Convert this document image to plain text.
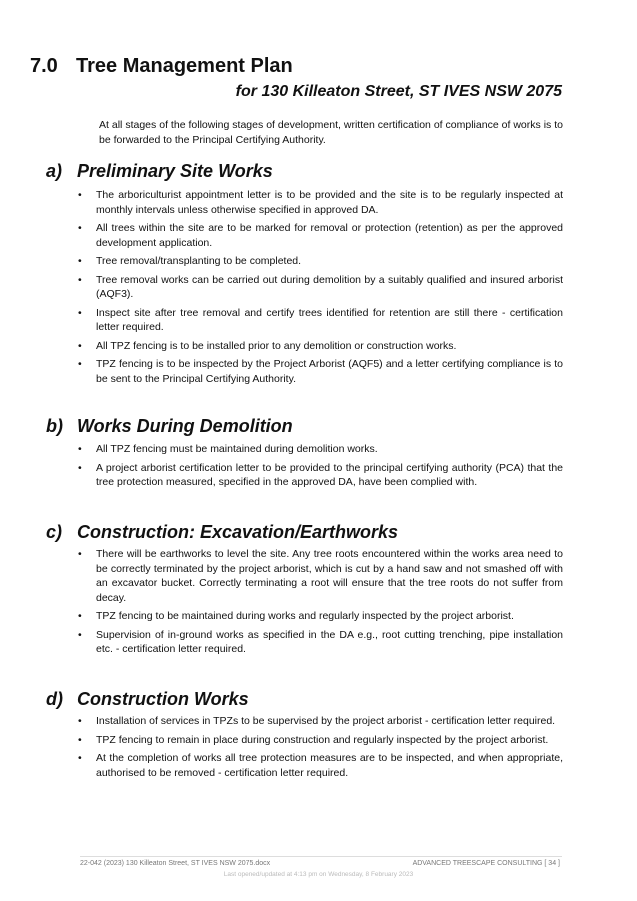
7.0 Tree Management Plan
for 130 Killeaton Street, ST IVES NSW 2075
At all stages of the following stages of development, written certification of compliance of works is to be forwarded to the Principal Certifying Authority.
a) Preliminary Site Works
• The arboriculturist appointment letter is to be provided and the site is to be regularly inspected at monthly intervals unless otherwise specified in approved DA.
• All trees within the site are to be marked for removal or protection (retention) as per the approved development application.
• Tree removal/transplanting to be completed.
• Tree removal works can be carried out during demolition by a suitably qualified and insured arborist (AQF3).
• Inspect site after tree removal and certify trees identified for retention are still there - certification letter required.
• All TPZ fencing is to be installed prior to any demolition or construction works.
• TPZ fencing is to be inspected by the Project Arborist (AQF5) and a letter certifying compliance is to be sent to the Principal Certifying Authority.
b) Works During Demolition
• All TPZ fencing must be maintained during demolition works.
• A project arborist certification letter to be provided to the principal certifying authority (PCA) that the tree protection measured, specified in the approved DA, have been complied with.
c) Construction: Excavation/Earthworks
• There will be earthworks to level the site. Any tree roots encountered within the works area need to be correctly terminated by the project arborist, which is cut by a hand saw and not smashed off with an excavator bucket. Correctly terminating a root will ensure that the tree roots do not suffer from decay.
• TPZ fencing to be maintained during works and regularly inspected by the project arborist.
• Supervision of in-ground works as specified in the DA e.g., root cutting trenching, pipe installation etc. - certification letter required.
d) Construction Works
• Installation of services in TPZs to be supervised by the project arborist - certification letter required.
• TPZ fencing to remain in place during construction and regularly inspected by the project arborist.
• At the completion of works all tree protection measures are to be inspected, and when appropriate, authorised to be removed - certification letter required.
22-042 (2023) 130 Killeaton Street, ST IVES NSW 2075.docx	ADVANCED TREESCAPE CONSULTING [ 34 ]
Last opened/updated at 4:13 pm on Wednesday, 8 February 2023
